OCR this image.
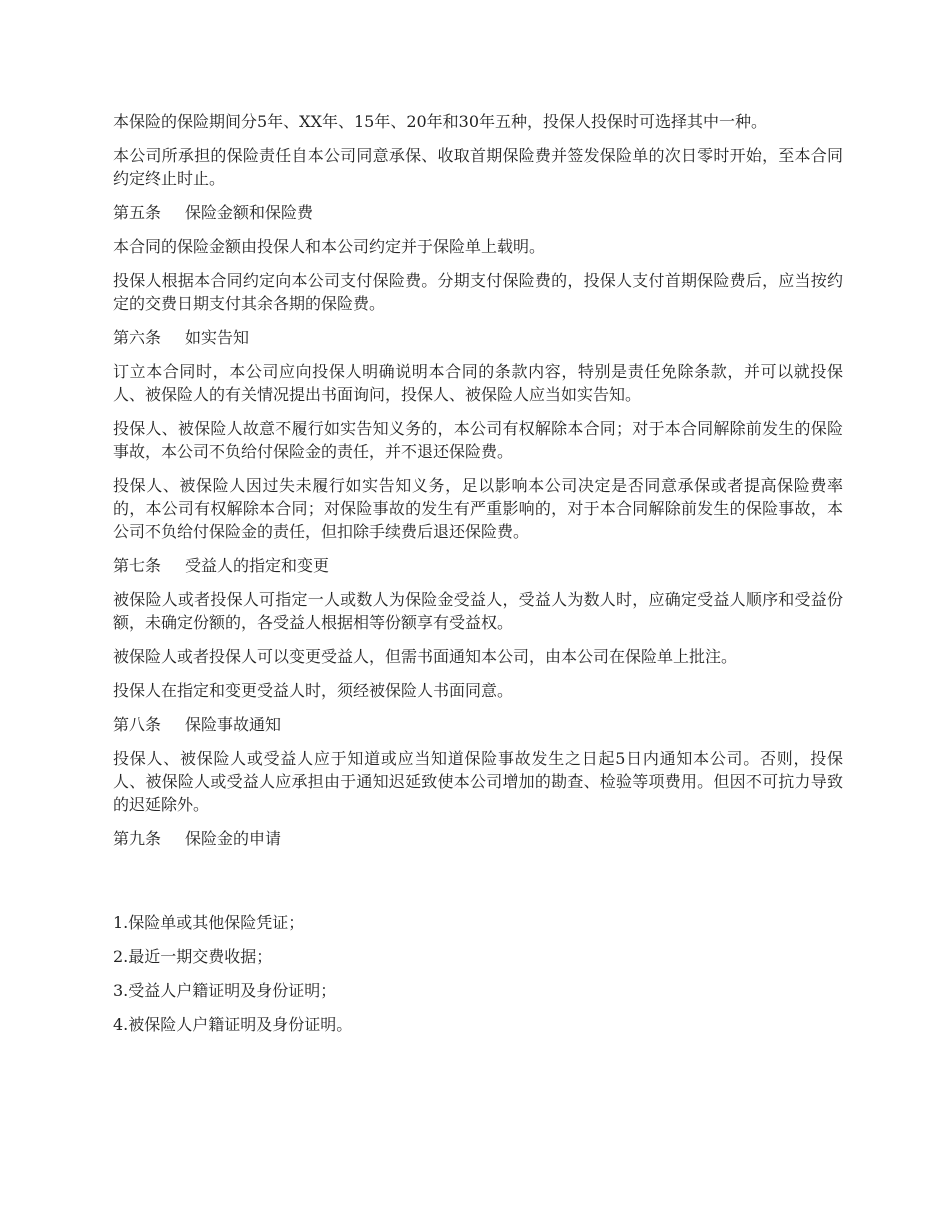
本保险的保险期间分5年、XX年、15年、20年和30年五种，投保人投保时可选择其中一种。

本公司所承担的保险责任自本公司同意承保、收取首期保险费并签发保险单的次日零时开始，至本合同约定终止时止。

第五条 保险金额和保险费

本合同的保险金额由投保人和本公司约定并于保险单上载明。

投保人根据本合同约定向本公司支付保险费。分期支付保险费的，投保人支付首期保险费后，应当按约定的交费日期支付其余各期的保险费。

第六条 如实告知

订立本合同时，本公司应向投保人明确说明本合同的条款内容，特别是责任免除条款，并可以就投保人、被保险人的有关情况提出书面询问，投保人、被保险人应当如实告知。

投保人、被保险人故意不履行如实告知义务的，本公司有权解除本合同；对于本合同解除前发生的保险事故，本公司不负给付保险金的责任，并不退还保险费。

投保人、被保险人因过失未履行如实告知义务，足以影响本公司决定是否同意承保或者提高保险费率的，本公司有权解除本合同；对保险事故的发生有严重影响的，对于本合同解除前发生的保险事故，本公司不负给付保险金的责任，但扣除手续费后退还保险费。

第七条 受益人的指定和变更

被保险人或者投保人可指定一人或数人为保险金受益人，受益人为数人时，应确定受益人顺序和受益份额，未确定份额的，各受益人根据相等份额享有受益权。

被保险人或者投保人可以变更受益人，但需书面通知本公司，由本公司在保险单上批注。

投保人在指定和变更受益人时，须经被保险人书面同意。

第八条 保险事故通知

投保人、被保险人或受益人应于知道或应当知道保险事故发生之日起5日内通知本公司。否则，投保人、被保险人或受益人应承担由于通知迟延致使本公司增加的勘查、检验等项费用。但因不可抗力导致的迟延除外。

第九条 保险金的申请

1.保险单或其他保险凭证；

2.最近一期交费收据；

3.受益人户籍证明及身份证明；

4.被保险人户籍证明及身份证明。
